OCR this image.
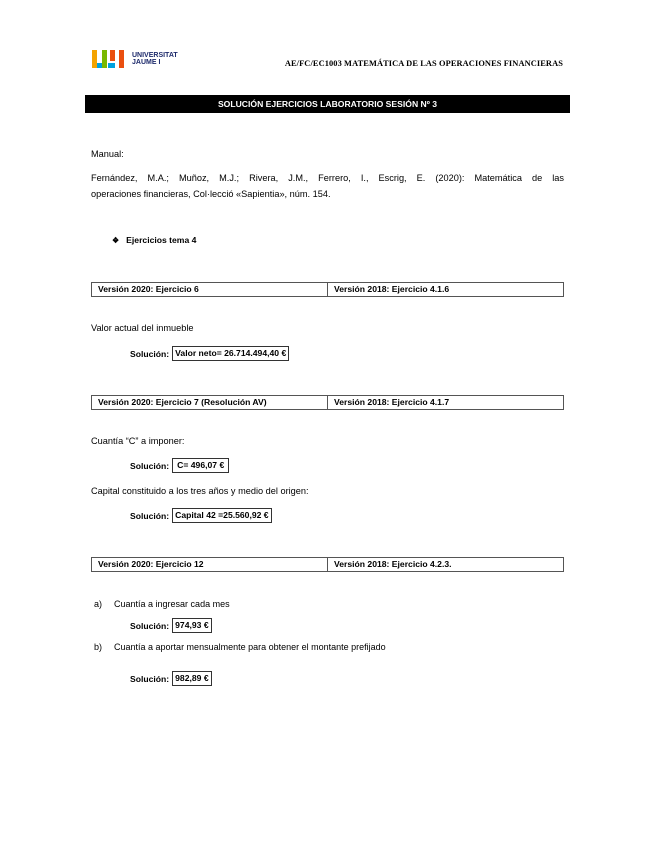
UNIVERSITAT
JAUME I	AE/FC/EC1003 MATEMÁTICA DE LAS OPERACIONES FINANCIERAS
SOLUCIÓN EJERCICIOS LABORATORIO SESIÓN Nº 3
Manual:
Fernández, M.A.; Muñoz, M.J.; Rivera, J.M., Ferrero, I., Escrig, E. (2020): Matemática de las
operaciones financieras, Col·lecció «Sapientia», núm. 154.
❖ Ejercicios tema 4
Versión 2020: Ejercicio 6	Versión 2018: Ejercicio 4.1.6
Valor actual del inmueble
Solución: Valor neto= 26.714.494,40 €
Versión 2020: Ejercicio 7 (Resolución AV)	Versión 2018: Ejercicio 4.1.7
Cuantía “C” a imponer:
Solución: C= 496,07 €
Capital constituido a los tres años y medio del origen:
Solución: Capital 42 =25.560,92 €
Versión 2020: Ejercicio 12	Versión 2018: Ejercicio 4.2.3.
a) Cuantía a ingresar cada mes
Solución: 974,93 €
b) Cuantía a aportar mensualmente para obtener el montante prefijado
Solución: 982,89 €
